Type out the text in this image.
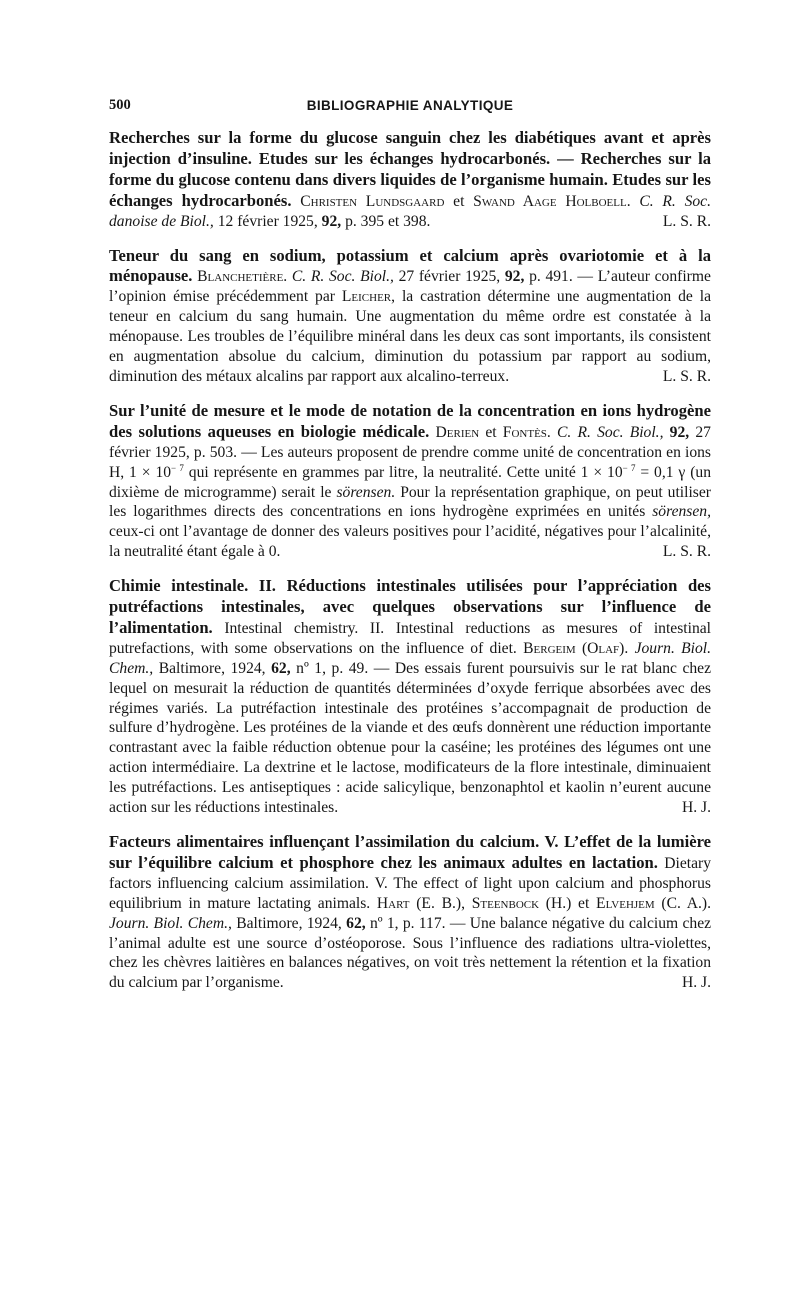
500	BIBLIOGRAPHIE ANALYTIQUE

Recherches sur la forme du glucose sanguin chez les diabétiques avant et après injection d’insuline. Etudes sur les échanges hydrocarbonés. — Recherches sur la forme du glucose contenu dans divers liquides de l’organisme humain. Etudes sur les échanges hydrocarbonés. Christen Lundsgaard et Swand Aage Holboell. C. R. Soc. danoise de Biol., 12 février 1925, 92, p. 395 et 398.	L. S. R.

Teneur du sang en sodium, potassium et calcium après ovariotomie et à la ménopause. Blanchetière. C. R. Soc. Biol., 27 février 1925, 92, p. 491. — L’auteur confirme l’opinion émise précédemment par Leicher, la castration détermine une augmentation de la teneur en calcium du sang humain. Une augmentation du même ordre est constatée à la ménopause. Les troubles de l’équilibre minéral dans les deux cas sont importants, ils consistent en augmentation absolue du calcium, diminution du potassium par rapport au sodium, diminution des métaux alcalins par rapport aux alcalino-terreux.	L. S. R.

Sur l’unité de mesure et le mode de notation de la concentration en ions hydrogène des solutions aqueuses en biologie médicale. Derien et Fontès. C. R. Soc. Biol., 92, 27 février 1925, p. 503. — Les auteurs proposent de prendre comme unité de concentration en ions H, $1 \times 10^{- 7}$ qui représente en grammes par litre, la neutralité. Cette unité $1 \times 10^{- 7} = 0,1$ γ (un dixième de microgramme) serait le sörensen. Pour la représentation graphique, on peut utiliser les logarithmes directs des concentrations en ions hydrogène exprimées en unités sörensen, ceux-ci ont l’avantage de donner des valeurs positives pour l’acidité, négatives pour l’alcalinité, la neutralité étant égale à 0.	L. S. R.

Chimie intestinale. II. Réductions intestinales utilisées pour l’appréciation des putréfactions intestinales, avec quelques observations sur l’influence de l’alimentation. Intestinal chemistry. II. Intestinal reductions as mesures of intestinal putrefactions, with some observations on the influence of diet. Bergeim (Olaf). Journ. Biol. Chem., Baltimore, 1924, 62, nº 1, p. 49. — Des essais furent poursuivis sur le rat blanc chez lequel on mesurait la réduction de quantités déterminées d’oxyde ferrique absorbées avec des régimes variés. La putréfaction intestinale des protéines s’accompagnait de production de sulfure d’hydrogène. Les protéines de la viande et des œufs donnèrent une réduction importante contrastant avec la faible réduction obtenue pour la caséine; les protéines des légumes ont une action intermédiaire. La dextrine et le lactose, modificateurs de la flore intestinale, diminuaient les putréfactions. Les antiseptiques : acide salicylique, benzonaphtol et kaolin n’eurent aucune action sur les réductions intestinales.	H. J.

Facteurs alimentaires influençant l’assimilation du calcium. V. L’effet de la lumière sur l’équilibre calcium et phosphore chez les animaux adultes en lactation. Dietary factors influencing calcium assimilation. V. The effect of light upon calcium and phosphorus equilibrium in mature lactating animals. Hart (E. B.), Steenbock (H.) et Elvehjem (C. A.). Journ. Biol. Chem., Baltimore, 1924, 62, nº 1, p. 117. — Une balance négative du calcium chez l’animal adulte est une source d’ostéoporose. Sous l’influence des radiations ultra-violettes, chez les chèvres laitières en balances négatives, on voit très nettement la rétention et la fixation du calcium par l’organisme.	H. J.
